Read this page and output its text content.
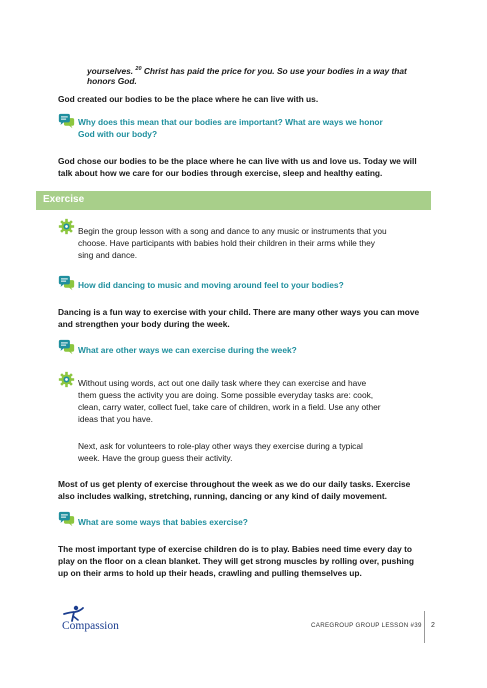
yourselves. $^{20}$ Christ has paid the price for you. So use your bodies in a way that

honors God.

God created our bodies to be the place where he can live with us.

Why does this mean that our bodies are important? What are ways we honor

God with our body?

God chose our bodies to be the place where he can live with us and love us. Today we will

talk about how we care for our bodies through exercise, sleep and healthy eating.

Exercise

Begin the group lesson with a song and dance to any music or instruments that you

choose. Have participants with babies hold their children in their arms while they

sing and dance.

How did dancing to music and moving around feel to your bodies?

Dancing is a fun way to exercise with your child. There are many other ways you can move

and strengthen your body during the week.

What are other ways we can exercise during the week?

Without using words, act out one daily task where they can exercise and have

them guess the activity you are doing. Some possible everyday tasks are: cook,

clean, carry water, collect fuel, take care of children, work in a field. Use any other

ideas that you have.

Next, ask for volunteers to role-play other ways they exercise during a typical

week. Have the group guess their activity.

Most of us get plenty of exercise throughout the week as we do our daily tasks. Exercise

also includes walking, stretching, running, dancing or any kind of daily movement.

What are some ways that babies exercise?

The most important type of exercise children do is to play. Babies need time every day to

play on the floor on a clean blanket. They will get strong muscles by rolling over, pushing

up on their arms to hold up their heads, crawling and pulling themselves up.

Compassion	CAREGROUP GROUP LESSON #39 2
